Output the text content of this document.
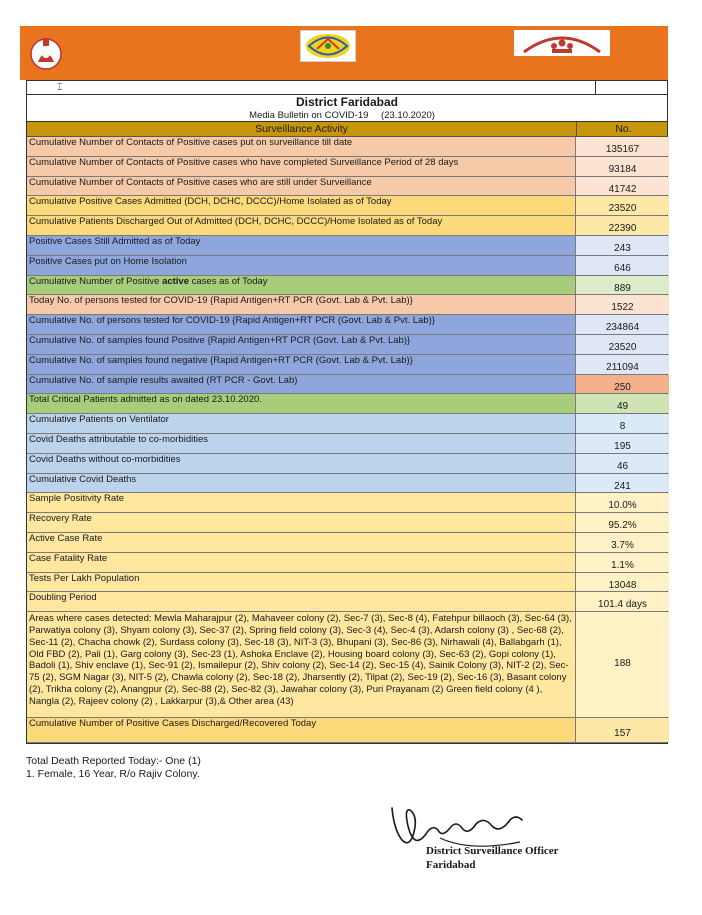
⌶
District Faridabad
Media Bulletin on COVID-19 (23.10.2020)
Surveillance Activity	No.
Cumulative Number of Contacts of Positive cases put on surveillance till date
135167
Cumulative Number of Contacts of Positive cases who have completed Surveillance Period of 28 days
93184
Cumulative Number of Contacts of Positive cases who are still under Surveillance
41742
Cumulative Positive Cases Admitted (DCH, DCHC, DCCC)/Home Isolated as of Today
23520
Cumulative Patients Discharged Out of Admitted (DCH, DCHC, DCCC)/Home Isolated as of Today
22390
Positive Cases Still Admitted as of Today
243
Positive Cases put on Home Isolation
646
Cumulative Number of Positive active cases as of Today
889
Today No. of persons tested for COVID-19 {Rapid Antigen+RT PCR (Govt. Lab & Pvt. Lab)}
1522
Cumulative No. of persons tested for COVID-19 {Rapid Antigen+RT PCR (Govt. Lab & Pvt. Lab)}
234864
Cumulative No. of samples found Positive {Rapid Antigen+RT PCR (Govt. Lab & Pvt. Lab)}
23520
Cumulative No. of samples found negative {Rapid Antigen+RT PCR (Govt. Lab & Pvt. Lab)}
211094
Cumulative No. of sample results awaited (RT PCR - Govt. Lab)
250
Total Critical Patients admitted as on dated 23.10.2020.
49
Cumulative Patients on Ventilator
8
Covid Deaths attributable to co-morbidities
195
Covid Deaths without co-morbidities
46
Cumulative Covid Deaths
241
Sample Positivity Rate
10.0%
Recovery Rate
95.2%
Active Case Rate
3.7%
Case Fatality Rate
1.1%
Tests Per Lakh Population
13048
Doubling Period
101.4 days
Areas where cases detected: Mewla Maharajpur (2), Mahaveer colony (2), Sec-7 (3), Sec-8 (4), Fatehpur billaoch (3), Sec-64 (3), Parwatiya colony (3), Shyam colony (3), Sec-37 (2), Spring field colony (3), Sec-3 (4), Sec-4 (3), Adarsh colony (3) , Sec-68 (2), Sec-11 (2), Chacha chowk (2), Surdass colony (3), Sec-18 (3), NIT-3 (3), Bhupani (3), Sec-86 (3), Nirhawali (4), Ballabgarh (1), Old FBD (2), Pali (1), Garg colony (3), Sec-23 (1), Ashoka Enclave (2), Housing board colony (3), Sec-63 (2), Gopi colony (1), Badoli (1), Shiv enclave (1), Sec-91 (2), Ismailepur (2), Shiv colony (2), Sec-14 (2), Sec-15 (4), Sainik Colony (3), NIT-2 (2), Sec-75 (2), SGM Nagar (3), NIT-5 (2), Chawla colony (2), Sec-18 (2), Jharsently (2), Tilpat (2), Sec-19 (2), Sec-16 (3), Basant colony (2), Trikha colony (2), Anangpur (2), Sec-88 (2), Sec-82 (3), Jawahar colony (3), Puri Prayanam (2) Green field colony (4 ), Nangla (2), Rajeev colony (2) , Lakkarpur (3),& Other area (43)
188
Cumulative Number of Positive Cases Discharged/Recovered Today
157
Total Death Reported Today:- One (1)
1. Female, 16 Year, R/o Rajiv Colony.
District Surveillance Officer
Faridabad
